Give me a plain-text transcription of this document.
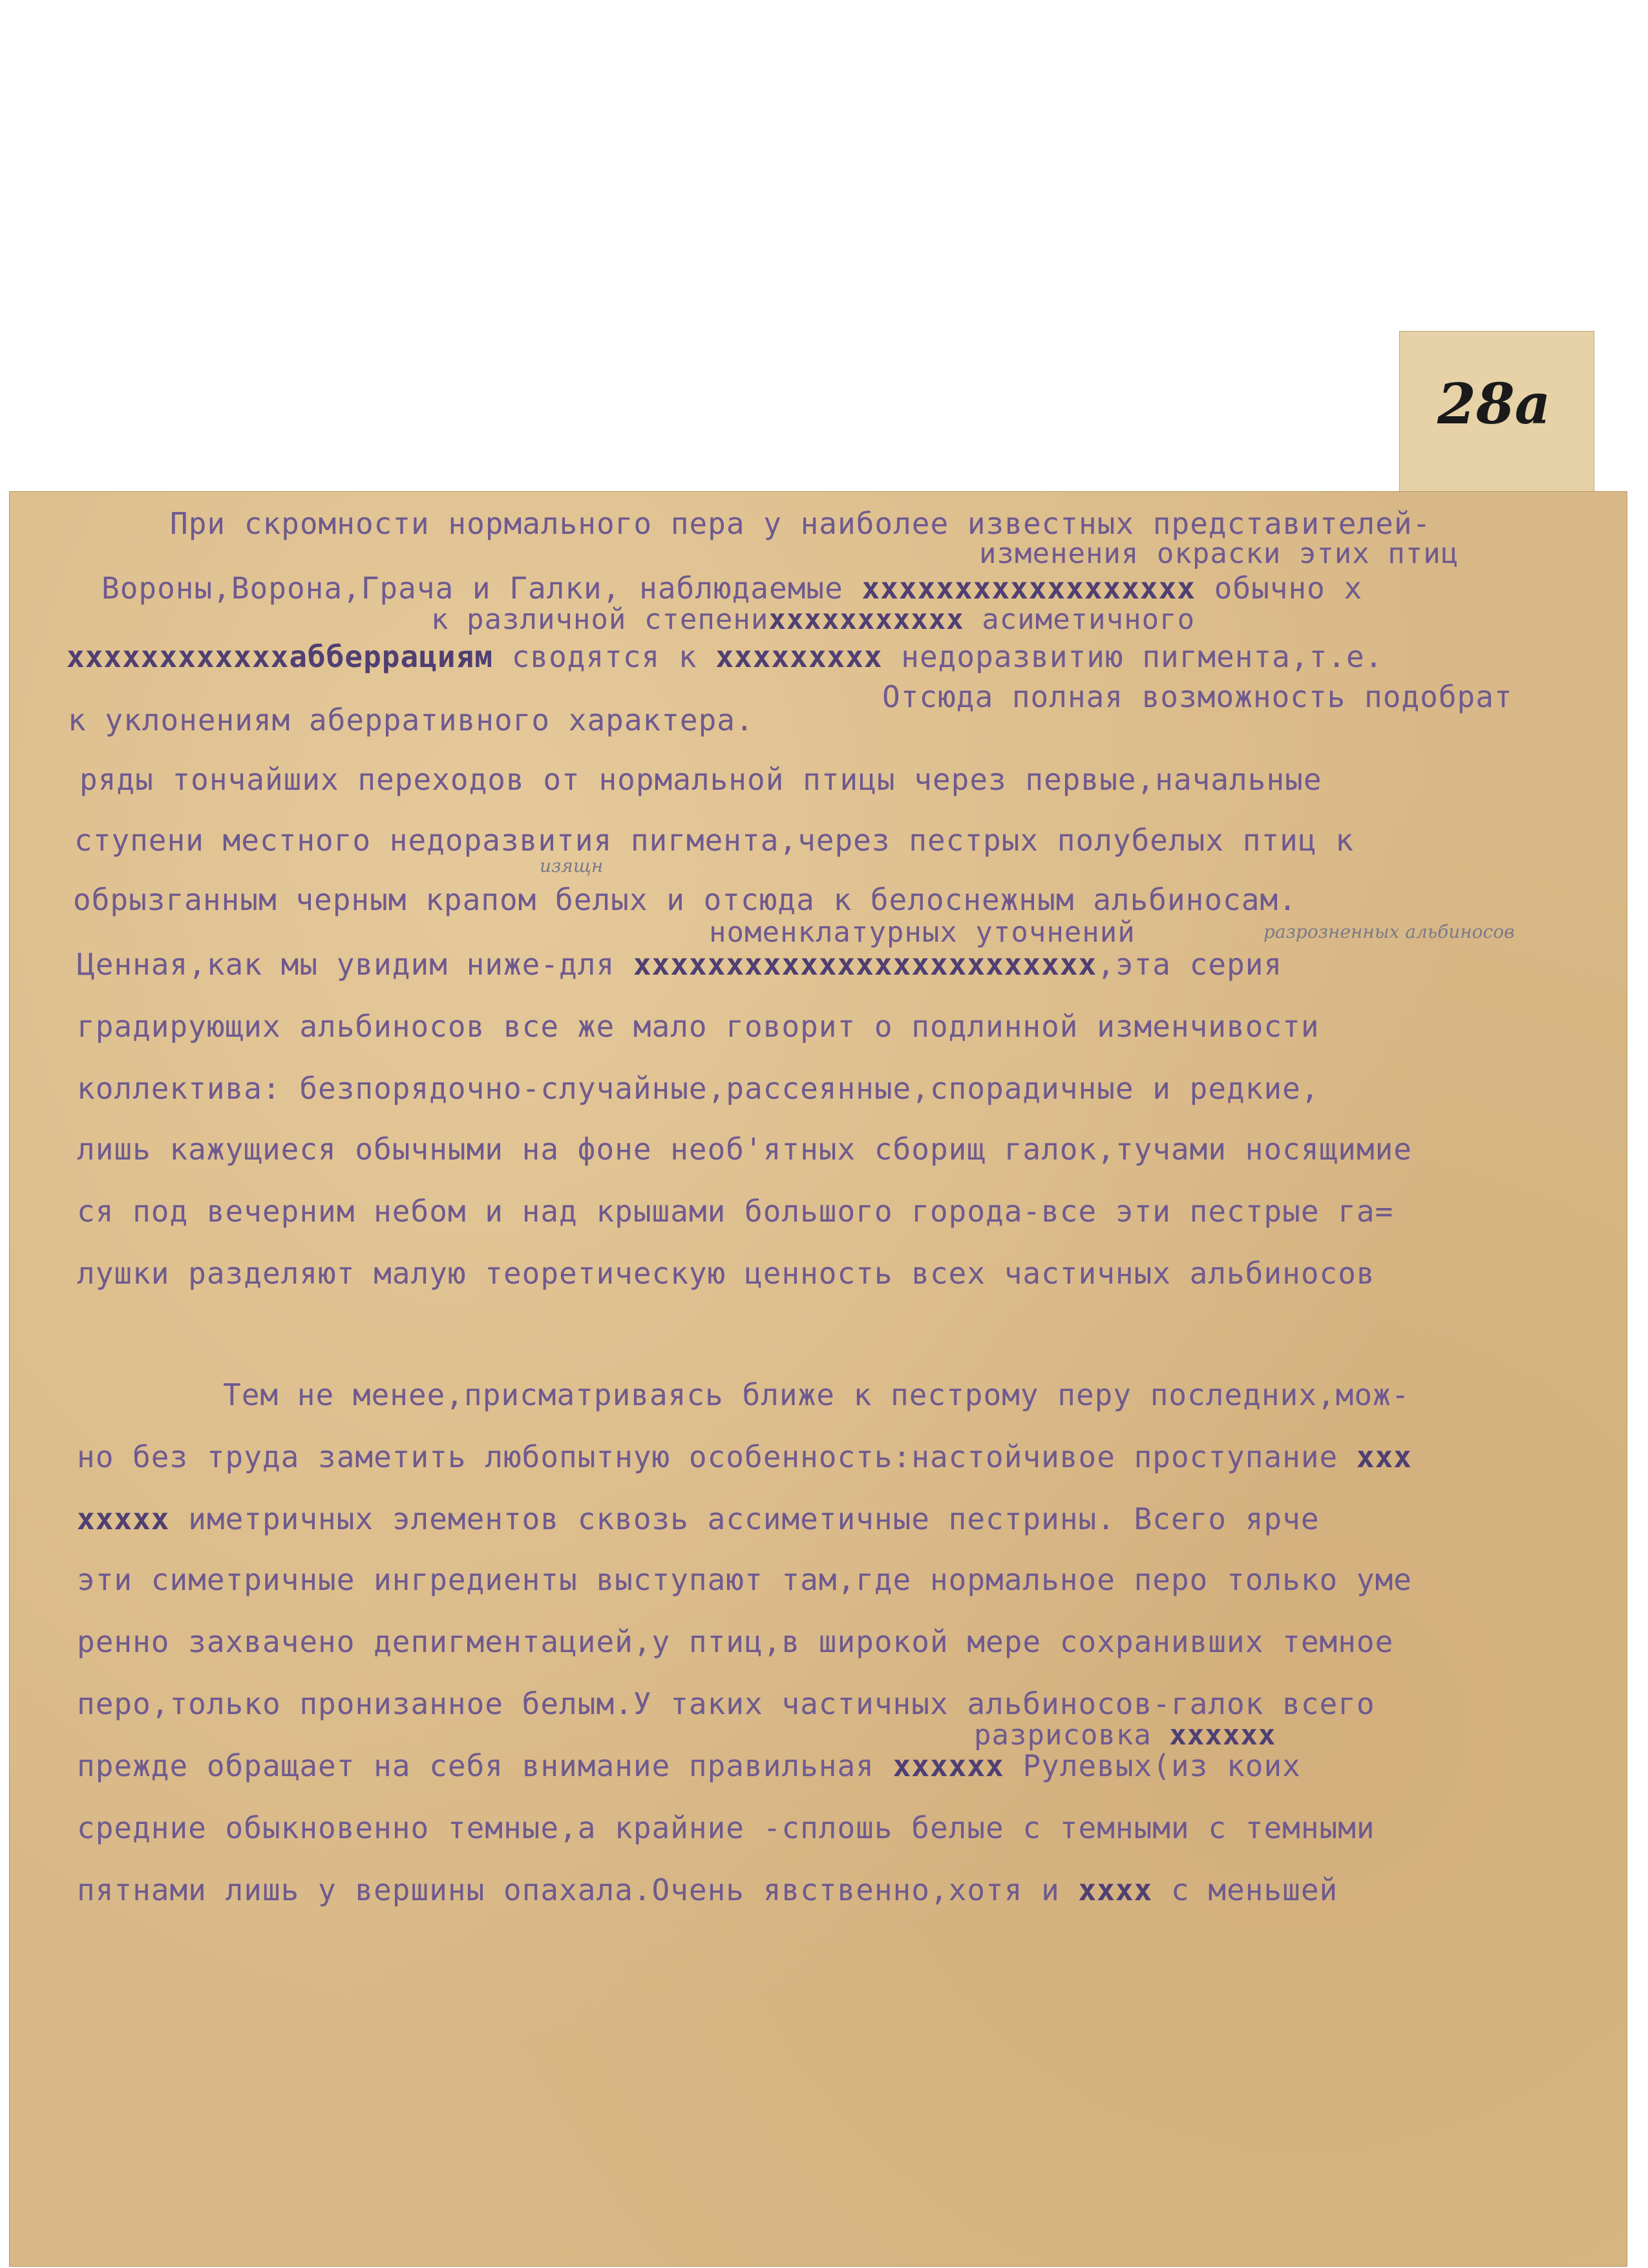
28а
При скромности нормального пера у наиболее известных представителей-
изменения окраски этих птиц
Вороны,Ворона,Грача и Галки, наблюдаемые xxxxxxxxxxxxxxxxxx обычно x
к различной степениxxxxxxxxxxx асиметичного
xxxxxxxxxxxxабберрациям сводятся к xxxxxxxxx недоразвитию пигмента,т.е.
к уклонениям аберративного характера.
Отсюда полная возможность подобрат
ряды тончайших переходов от нормальной птицы через первые,начальные
ступени местного недоразвития пигмента,через пестрых полубелых птиц к
изящн
обрызганным черным крапом белых и отсюда к белоснежным альбиносам.
номенклатурных уточнений	разрозненных альбиносов
Ценная,как мы увидим ниже-для xxxxxxxxxxxxxxxxxxxxxxxxx,эта серия
градирующих альбиносов все же мало говорит о подлинной изменчивости
коллектива: безпорядочно-случайные,рассеянные,спорадичные и редкие,
лишь кажущиеся обычными на фоне необ'ятных сборищ галок,тучами носящимие
ся под вечерним небом и над крышами большого города-все эти пестрые га=
лушки разделяют малую теоретическую ценность всех частичных альбиносов
Тем не менее,присматриваясь ближе к пестрому перу последних,мож-
но без труда заметить любопытную особенность:настойчивое проступание xxx
xxxxx иметричных элементов сквозь ассиметичные пестрины. Всего ярче
эти симетричные ингредиенты выступают там,где нормальное перо только уме
ренно захвачено депигментацией,у птиц,в широкой мере сохранивших темное
перо,только пронизанное белым.У таких частичных альбиносов-галок всего
разрисовка xxxxxx
прежде обращает на себя внимание правильная xxxxxx Рулевых(из коих
средние обыкновенно темные,а крайние -сплошь белые с темными с темными
пятнами лишь у вершины опахала.Очень явственно,хотя и xxxx с меньшей
